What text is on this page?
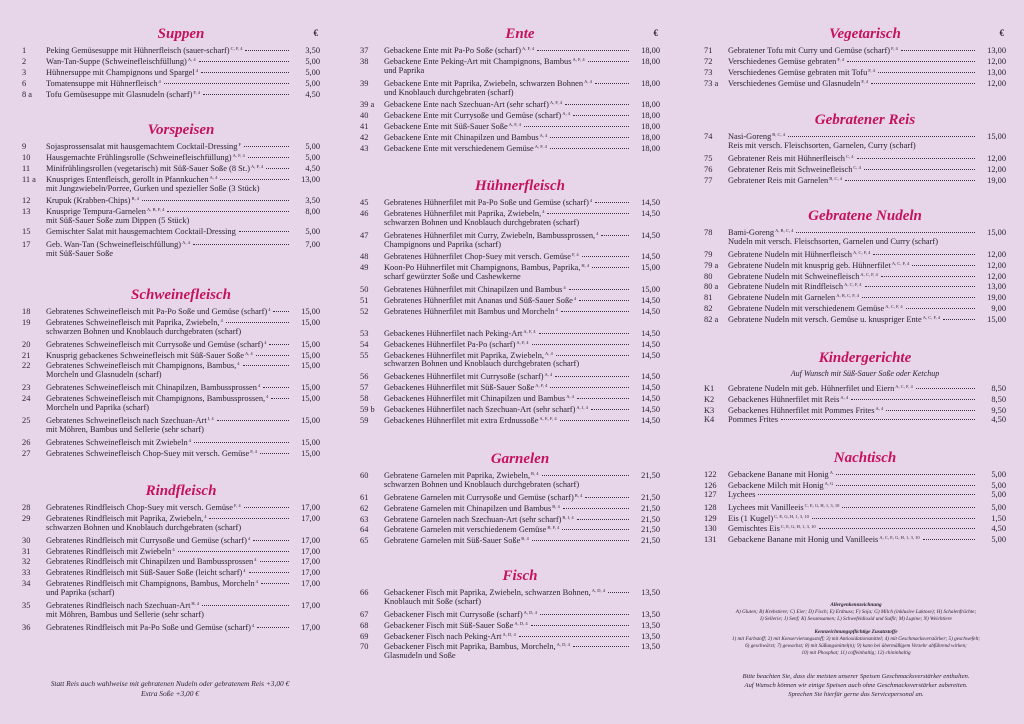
Suppen	€
1	Peking Gemüsesuppe mit Hühnerfleisch (sauer-scharf)$^{C, F, 4}$	3,50
2	Wan-Tan-Suppe (Schweinefleischfüllung)$^{A, 4}$	5,00
3	Hühnersuppe mit Champignons und Spargel$^4$	5,00
6	Tomatensuppe mit Hühnerfleisch$^4$	5,00
8 a	Tofu Gemüsesuppe mit Glasnudeln (scharf)$^{F, 4}$	4,50
Vorspeisen
9	Sojasprossensalat mit hausgemachtem Cocktail-Dressing$^F$	5,00
10	Hausgemachte Frühlingsrolle (Schweinefleischfüllung)$^{A, F, 4}$	5,00
11	Minifrühlingsrollen (vegetarisch) mit Süß-Sauer Soße (8 St.)$^{A, F, 4}$	4,50
11 a	Knuspriges Entenfleisch, gerollt in Pfannkuchen$^{A, 4}$	13,00
mit Jungzwiebeln/Porree, Gurken und spezieller Soße (3 Stück)
12	Krupuk (Krabben-Chips)$^{B, 4}$	3,50
13	Knusprige Tempura-Garnelen$^{A, B, F, 4}$	8,00
mit Süß-Sauer Soße zum Dippen (5 Stück)
15	Gemischter Salat mit hausgemachtem Cocktail-Dressing	5,00
17	Geb. Wan-Tan (Schweinefleischfüllung)$^{A, 4}$	7,00
mit Süß-Sauer Soße
Schweinefleisch
18	Gebratenes Schweinefleisch mit Pa-Po Soße und Gemüse (scharf)$^4$	15,00
19	Gebratenes Schweinefleisch mit Paprika, Zwiebeln,$^4$	15,00
schwarzen Bohnen und Knoblauch durchgebraten (scharf)
20	Gebratenes Schweinefleisch mit Currysoße und Gemüse (scharf)$^4$	15,00
21	Knusprig gebackenes Schweinefleisch mit Süß-Sauer Soße$^{A, 4}$	15,00
22	Gebratenes Schweinefleisch mit Champignons, Bambus,$^4$	15,00
Morcheln und Glasnudeln (scharf)
23	Gebratenes Schweinefleisch mit Chinapilzen, Bambussprossen$^4$	15,00
24	Gebratenes Schweinefleisch mit Champignons, Bambussprossen,$^4$	15,00
Morcheln und Paprika (scharf)
25	Gebratenes Schweinefleisch nach Szechuan-Art$^{I, 4}$	15,00
mit Möhren, Bambus und Sellerie (sehr scharf)
26	Gebratenes Schweinefleisch mit Zwiebeln$^4$	15,00
27	Gebratenes Schweinefleisch Chop-Suey mit versch. Gemüse$^{F, 4}$	15,00
Rindfleisch
28	Gebratenes Rindfleisch Chop-Suey mit versch. Gemüse$^{F, 4}$	17,00
29	Gebratenes Rindfleisch mit Paprika, Zwiebeln,$^4$	17,00
schwarzen Bohnen und Knoblauch durchgebraten (scharf)
30	Gebratenes Rindfleisch mit Currysoße und Gemüse (scharf)$^4$	17,00
31	Gebratenes Rindfleisch mit Zwiebeln$^4$	17,00
32	Gebratenes Rindfleisch mit Chinapilzen und Bambussprossen$^4$	17,00
33	Gebratenes Rindfleisch mit Süß-Sauer Soße (leicht scharf)$^4$	17,00
34	Gebratenes Rindfleisch mit Champignons, Bambus, Morcheln$^4$	17,00
und Paprika (scharf)
35	Gebratenes Rindfleisch nach Szechuan-Art$^{H, 4}$	17,00
mit Möhren, Bambus und Sellerie (sehr scharf)
36	Gebratenes Rindfleisch mit Pa-Po Soße und Gemüse (scharf)$^4$	17,00
Ente	€
37	Gebackene Ente mit Pa-Po Soße (scharf)$^{A, F, 4}$	18,00
38	Gebackene Ente Peking-Art mit Champignons, Bambus$^{A, F, 4}$	18,00
und Paprika
39	Gebackene Ente mit Paprika, Zwiebeln, schwarzen Bohnen$^{A, 4}$	18,00
und Knoblauch durchgebraten (scharf)
39 a	Gebackene Ente nach Szechuan-Art (sehr scharf)$^{A, F, 4}$	18,00
40	Gebackene Ente mit Currysoße und Gemüse (scharf)$^{A, 4}$	18,00
41	Gebackene Ente mit Süß-Sauer Soße$^{A, F, 4}$	18,00
42	Gebackene Ente mit Chinapilzen und Bambus$^{A, 4}$	18,00
43	Gebackene Ente mit verschiedenem Gemüse$^{A, F, 4}$	18,00
Hühnerfleisch
45	Gebratenes Hühnerfilet mit Pa-Po Soße und Gemüse (scharf)$^4$	14,50
46	Gebratenes Hühnerfilet mit Paprika, Zwiebeln,$^4$	14,50
schwarzen Bohnen und Knoblauch durchgebraten (scharf)
47	Gebratenes Hühnerfilet mit Curry, Zwiebeln, Bambussprossen,$^4$	14,50
Champignons und Paprika (scharf)
48	Gebratenes Hühnerfilet Chop-Suey mit versch. Gemüse$^{F, 4}$	14,50
49	Koon-Po Hühnerfilet mit Champignons, Bambus, Paprika,$^{H, 4}$	15,00
scharf gewürzter Soße und Cashewkerne
50	Gebratenes Hühnerfilet mit Chinapilzen und Bambus$^4$	15,00
51	Gebratenes Hühnerfilet mit Ananas und Süß-Sauer Soße$^4$	14,50
52	Gebratenes Hühnerfilet mit Bambus und Morcheln$^4$	14,50
53	Gebackenes Hühnerfilet nach Peking-Art$^{A, F, 4}$	14,50
54	Gebackenes Hühnerfilet Pa-Po (scharf)$^{A, F, 4}$	14,50
55	Gebackenes Hühnerfilet mit Paprika, Zwiebeln,$^{A, 4}$	14,50
schwarzen Bohnen und Knoblauch durchgebraten (scharf)
56	Gebackenes Hühnerfilet mit Currysoße (scharf)$^{A, 4}$	14,50
57	Gebackenes Hühnerfilet mit Süß-Sauer Soße$^{A, F, 4}$	14,50
58	Gebackenes Hühnerfilet mit Chinapilzen und Bambus$^{A, 4}$	14,50
59 b	Gebackenes Hühnerfilet nach Szechuan-Art (sehr scharf)$^{A, I, 4}$	14,50
59	Gebackenes Hühnerfilet mit extra Erdnussoße$^{A, E, F, 4}$	14,50
Garnelen
60	Gebratene Garnelen mit Paprika, Zwiebeln,$^{B, 4}$	21,50
schwarzen Bohnen und Knoblauch durchgebraten (scharf)
61	Gebratene Garnelen mit Currysoße und Gemüse (scharf)$^{B, 4}$	21,50
62	Gebratene Garnelen mit Chinapilzen und Bambus$^{B, 4}$	21,50
63	Gebratene Garnelen nach Szechuan-Art (sehr scharf)$^{B, I, 4}$	21,50
64	Gebratene Garnelen mit verschiedenem Gemüse$^{B, F, 4}$	21,50
65	Gebratene Garnelen mit Süß-Sauer Soße$^{B, 4}$	21,50
Fisch
66	Gebackener Fisch mit Paprika, Zwiebeln, schwarzen Bohnen,$^{A, D, 4}$	13,50
Knoblauch mit Soße (scharf)
67	Gebackener Fisch mit Currysoße (scharf)$^{A, D, 4}$	13,50
68	Gebackener Fisch mit Süß-Sauer Soße$^{A, D, 4}$	13,50
69	Gebackener Fisch nach Peking-Art$^{A, D, 4}$	13,50
70	Gebackener Fisch mit Paprika, Bambus, Morcheln,$^{A, D, 4}$	13,50
Glasnudeln und Soße
Vegetarisch	€
71	Gebratener Tofu mit Curry und Gemüse (scharf)$^{F, 4}$	13,00
72	Verschiedenes Gemüse gebraten$^{F, 4}$	12,00
73	Verschiedenes Gemüse gebraten mit Tofu$^{F, 4}$	13,00
73 a	Verschiedenes Gemüse und Glasnudeln$^{F, 4}$	12,00
Gebratener Reis
74	Nasi-Goreng$^{B, C, 4}$	15,00
Reis mit versch. Fleischsorten, Garnelen, Curry (scharf)
75	Gebratener Reis mit Hühnerfleisch$^{C, 4}$	12,00
76	Gebratener Reis mit Schweinefleisch$^{C, 4}$	12,00
77	Gebratener Reis mit Garnelen$^{B, C, 4}$	19,00
Gebratene Nudeln
78	Bami-Goreng$^{A, B, C, 4}$	15,00
Nudeln mit versch. Fleischsorten, Garnelen und Curry (scharf)
79	Gebratene Nudeln mit Hühnerfleisch$^{A, C, F, 4}$	12,00
79 a	Gebratene Nudeln mit knusprig geb. Hühnerfilet$^{A, C, F, 4}$	12,00
80	Gebratene Nudeln mit Schweinefleisch$^{A, C, F, 4}$	12,00
80 a	Gebratene Nudeln mit Rindfleisch$^{A, C, F, 4}$	13,00
81	Gebratene Nudeln mit Garnelen$^{A, B, C, F, 4}$	19,00
82	Gebratene Nudeln mit verschiedenem Gemüse$^{A, C, F, 4}$	9,00
82 a	Gebratene Nudeln mit versch. Gemüse u. knuspriger Ente$^{A, C, F, 4}$	15,00
Kindergerichte
Auf Wunsch mit Süß-Sauer Soße oder Ketchup
K1	Gebratene Nudeln mit geb. Hühnerfilet und Eiern$^{A, C, F, 4}$	8,50
K2	Gebackenes Hühnerfilet mit Reis$^{A, 4}$	8,50
K3	Gebackenes Hühnerfilet mit Pommes Frites$^{A, 4}$	9,50
K4	Pommes Frites	4,50
Nachtisch
122	Gebackene Banane mit Honig$^A$	5,00
126	Gebackene Milch mit Honig$^{A, G}$	5,00
127	Lychees	5,00
128	Lychees mit Vanilleeis$^{C, E, G, H, 1, 3, 10}$	5,00
129	Eis (1 Kugel)$^{C, E, G, H, 1, 3, 10}$	1,50
130	Gemischtes Eis$^{C, E, G, H, 1, 3, 10}$	4,50
131	Gebackene Banane mit Honig und Vanilleeis$^{A, C, E, G, H, 1, 3, 10}$	5,00
Statt Reis auch wahlweise mit gebratenen Nudeln oder gebratenem Reis +3,00 €
Extra Soße +3,00 €
Allergenkennzeichnung
A) Gluten; B) Krebstiere; C) Eier; D) Fisch; E) Erdnuss; F) Soja; G) Milch (inklusive Laktose); H) Schalenfrüchte;
I) Sellerie; J) Senf; K) Sesamsamen; L) Schwefeldioxid und Sulfit; M) Lupine; N) Weichtiere
Kennzeichnungspflichtige Zusatzstoffe
1) mit Farbstoff; 2) mit Konservierungsstoff; 3) mit Antioxidationsmittel; 4) mit Geschmacksverstärker; 5) geschwefelt;
6) geschwärzt; 7) gewachst; 8) mit Süßungsmittel(n); 9) kann bei übermäßigem Verzehr abführend wirken;
10) mit Phosphat; 11) coffeinhaltig; 12) chininhaltig
Bitte beachten Sie, dass die meisten unserer Speisen Geschmacksverstärker enthalten.
Auf Wunsch können wir einige Speisen auch ohne Geschmacksverstärker zubereiten.
Sprechen Sie hierfür gerne das Servicepersonal an.
